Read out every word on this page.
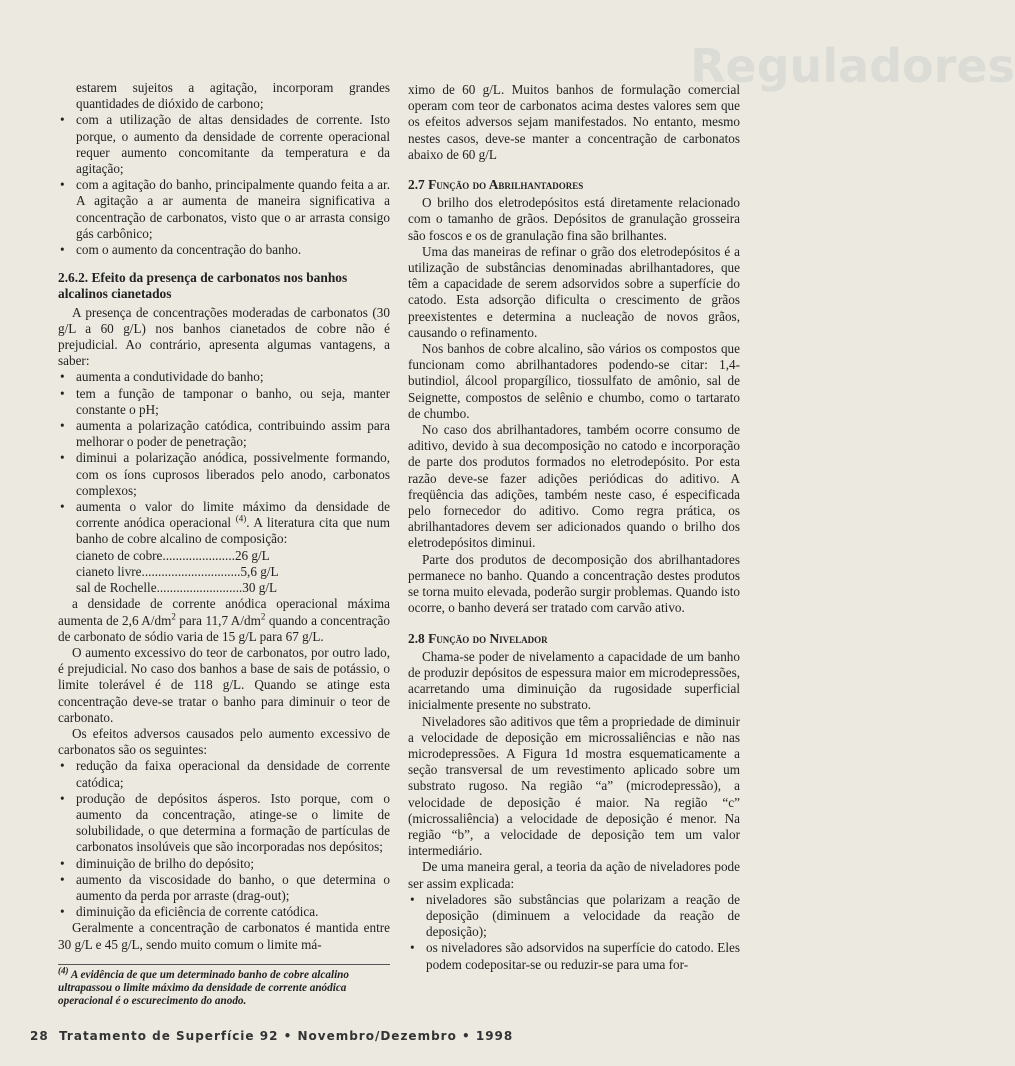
Reguladores

estarem sujeitos a agitação, incorporam grandes quantidades de dióxido de carbono;

• com a utilização de altas densidades de corrente. Isto porque, o aumento da densidade de corrente operacional requer aumento concomitante da temperatura e da agitação;
• com a agitação do banho, principalmente quando feita a ar. A agitação a ar aumenta de maneira significativa a concentração de carbonatos, visto que o ar arrasta consigo gás carbônico;
• com o aumento da concentração do banho.
2.6.2. Efeito da presença de carbonatos nos banhos alcalinos cianetados

A presença de concentrações moderadas de carbonatos (30 g/L a 60 g/L) nos banhos cianetados de cobre não é prejudicial. Ao contrário, apresenta algumas vantagens, a saber:

• aumenta a condutividade do banho;
• tem a função de tamponar o banho, ou seja, manter constante o pH;
• aumenta a polarização catódica, contribuindo assim para melhorar o poder de penetração;
• diminui a polarização anódica, possivelmente formando, com os íons cuprosos liberados pelo anodo, carbonatos complexos;
• aumenta o valor do limite máximo da densidade de corrente anódica operacional $^{(4)}$. A literatura cita que num banho de cobre alcalino de composição:
cianeto de cobre ...................... 26 g/L
cianeto livre .............................. 5,6 g/L
sal de Rochelle .......................... 30 g/L

a densidade de corrente anódica operacional máxima aumenta de 2,6 $A/dm^2$ para 11,7 $A/dm^2$ quando a concentração de carbonato de sódio varia de 15 g/L para 67 g/L.

O aumento excessivo do teor de carbonatos, por outro lado, é prejudicial. No caso dos banhos a base de sais de potássio, o limite tolerável é de 118 g/L. Quando se atinge esta concentração deve-se tratar o banho para diminuir o teor de carbonato.

Os efeitos adversos causados pelo aumento excessivo de carbonatos são os seguintes:

• redução da faixa operacional da densidade de corrente catódica;
• produção de depósitos ásperos. Isto porque, com o aumento da concentração, atinge-se o limite de solubilidade, o que determina a formação de partículas de carbonatos insolúveis que são incorporadas nos depósitos;
• diminuição de brilho do depósito;
• aumento da viscosidade do banho, o que determina o aumento da perda por arraste (drag-out);
• diminuição da eficiência de corrente catódica.

Geralmente a concentração de carbonatos é mantida entre 30 g/L e 45 g/L, sendo muito comum o limite má-

ximo de 60 g/L. Muitos banhos de formulação comercial operam com teor de carbonatos acima destes valores sem que os efeitos adversos sejam manifestados. No entanto, mesmo nestes casos, deve-se manter a concentração de carbonatos abaixo de 60 g/L

2.7 Função do Abrilhantadores

O brilho dos eletrodepósitos está diretamente relacionado com o tamanho de grãos. Depósitos de granulação grosseira são foscos e os de granulação fina são brilhantes.

Uma das maneiras de refinar o grão dos eletrodepósitos é a utilização de substâncias denominadas abrilhantadores, que têm a capacidade de serem adsorvidos sobre a superfície do catodo. Esta adsorção dificulta o crescimento de grãos preexistentes e determina a nucleação de novos grãos, causando o refinamento.

Nos banhos de cobre alcalino, são vários os compostos que funcionam como abrilhantadores podendo-se citar: 1,4-butindiol, álcool propargílico, tiossulfato de amônio, sal de Seignette, compostos de selênio e chumbo, como o tartarato de chumbo.

No caso dos abrilhantadores, também ocorre consumo de aditivo, devido à sua decomposição no catodo e incorporação de parte dos produtos formados no eletrodepósito. Por esta razão deve-se fazer adições periódicas do aditivo. A freqüência das adições, também neste caso, é especificada pelo fornecedor do aditivo. Como regra prática, os abrilhantadores devem ser adicionados quando o brilho dos eletrodepósitos diminui.

Parte dos produtos de decomposição dos abrilhantadores permanece no banho. Quando a concentração destes produtos se torna muito elevada, poderão surgir problemas. Quando isto ocorre, o banho deverá ser tratado com carvão ativo.

2.8 Função do Nivelador

Chama-se poder de nivelamento a capacidade de um banho de produzir depósitos de espessura maior em microdepressões, acarretando uma diminuição da rugosidade superficial inicialmente presente no substrato.

Niveladores são aditivos que têm a propriedade de diminuir a velocidade de deposição em microssaliências e não nas microdepressões. A Figura 1d mostra esquematicamente a seção transversal de um revestimento aplicado sobre um substrato rugoso. Na região “a” (microdepressão), a velocidade de deposição é maior. Na região “c” (microssaliência) a velocidade de deposição é menor. Na região “b”, a velocidade de deposição tem um valor intermediário.

De uma maneira geral, a teoria da ação de niveladores pode ser assim explicada:

• niveladores são substâncias que polarizam a reação de deposição (diminuem a velocidade da reação de deposição);
• os niveladores são adsorvidos na superfície do catodo. Eles podem codepositar-se ou reduzir-se para uma for-
$^{(4)}$ A evidência de que um determinado banho de cobre alcalino ultrapassou o limite máximo da densidade de corrente anódica operacional é o escurecimento do anodo.
28 Tratamento de Superfície 92 • Novembro/Dezembro • 1998
